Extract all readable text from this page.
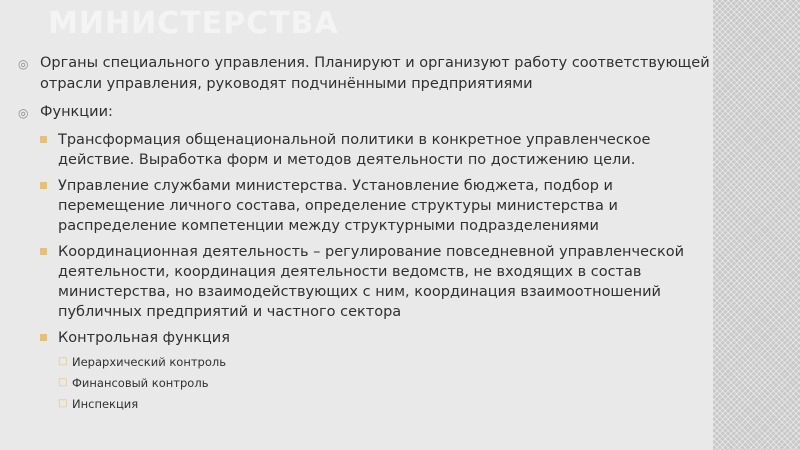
МИНИСТЕРСТВА
◎ Органы специального управления. Планируют и организуют работу соответствующей отрасли управления, руководят подчинёнными предприятиями
◎ Функции:
Трансформация общенациональной политики в конкретное управленческое действие. Выработка форм и методов деятельности по достижению цели.
Управление службами министерства. Установление бюджета, подбор и перемещение личного состава, определение структуры министерства и распределение компетенции между структурными подразделениями
Координационная деятельность – регулирование повседневной управленческой деятельности, координация деятельности ведомств, не входящих в состав министерства, но взаимодействующих с ним, координация взаимоотношений публичных предприятий и частного сектора
Контрольная функция
□ Иерархический контроль
□ Финансовый контроль
□ Инспекция
